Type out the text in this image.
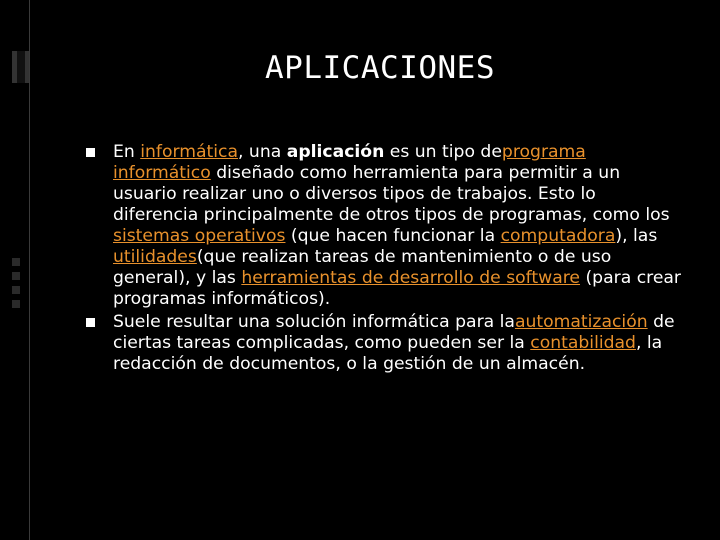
APLICACIONES
En informática, una aplicación es un tipo deprograma informático diseñado como herramienta para permitir a un usuario realizar uno o diversos tipos de trabajos. Esto lo diferencia principalmente de otros tipos de programas, como los sistemas operativos (que hacen funcionar la computadora), las utilidades(que realizan tareas de mantenimiento o de uso general), y las herramientas de desarrollo de software (para crear programas informáticos).
Suele resultar una solución informática para laautomatización de ciertas tareas complicadas, como pueden ser la contabilidad, la redacción de documentos, o la gestión de un almacén.
